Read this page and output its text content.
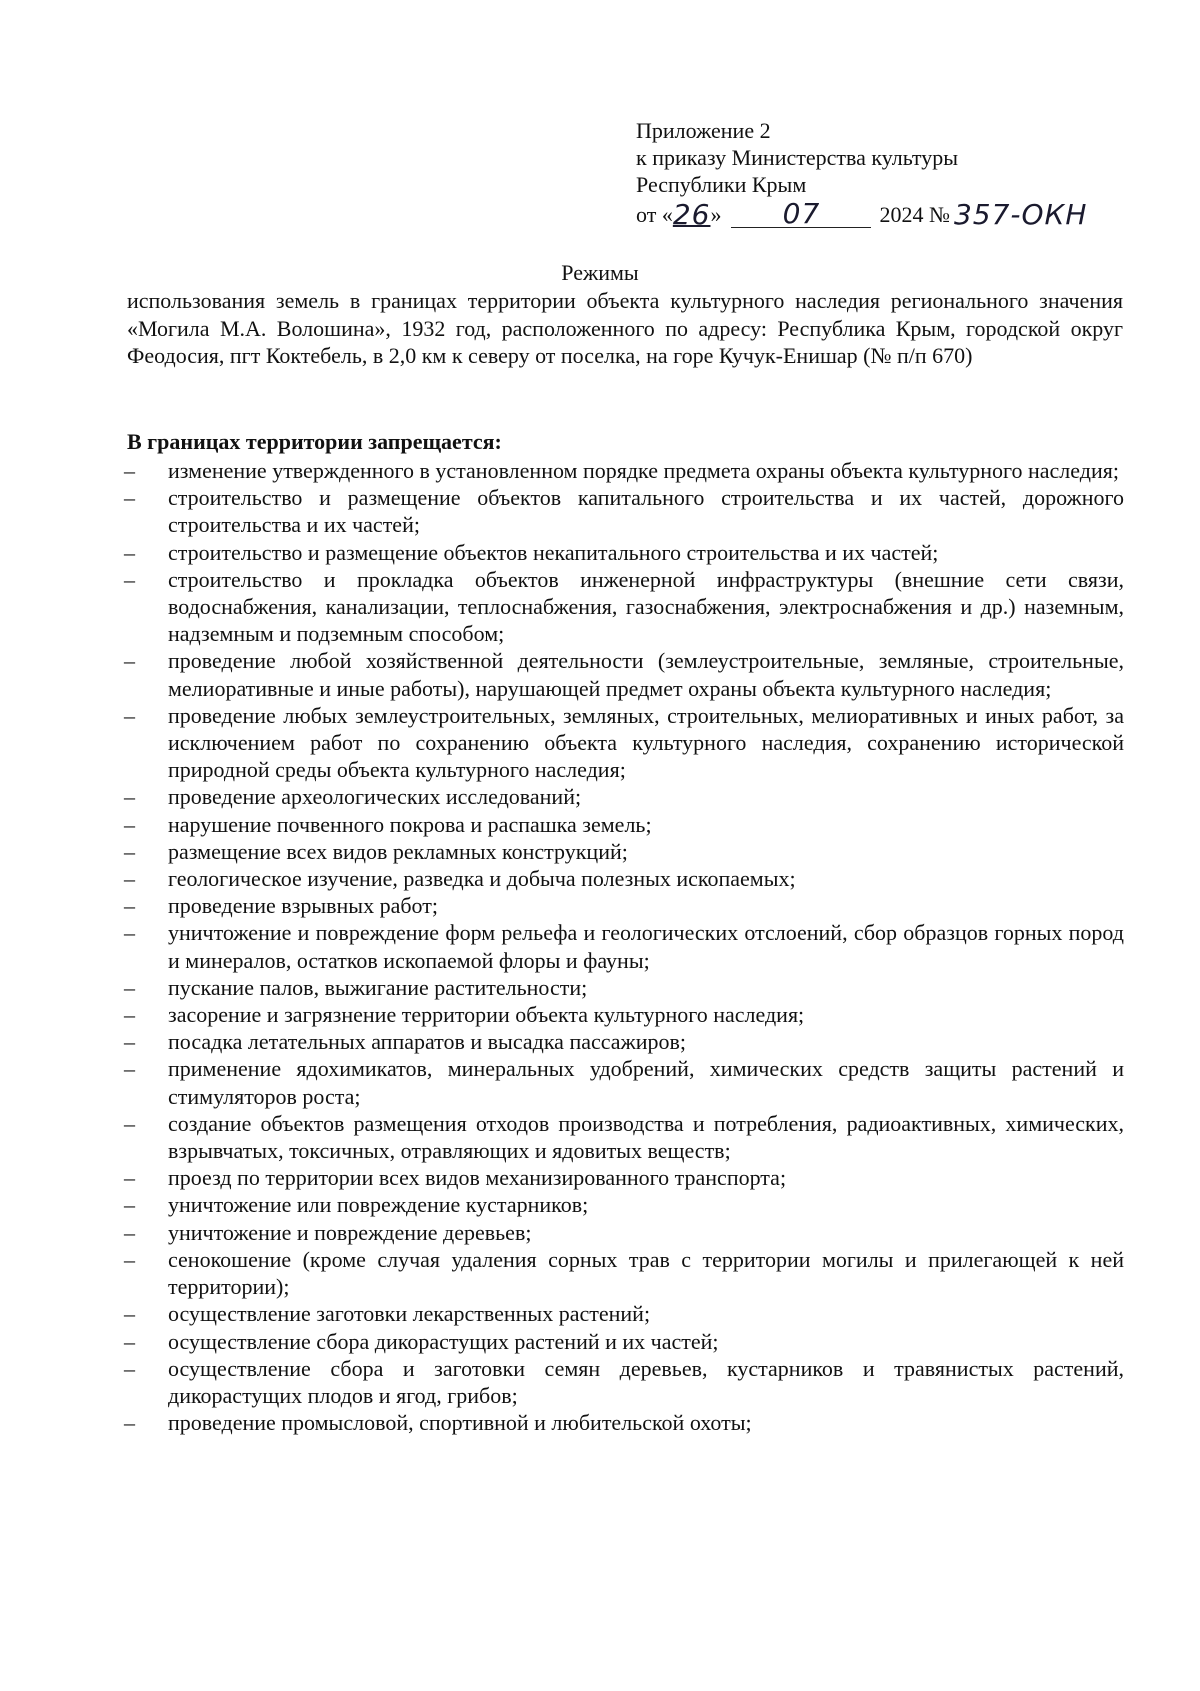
Приложение 2
к приказу Министерства культуры
Республики Крым
от « 26 »	07	2024 № 357-ОКН
Режимы
использования земель в границах территории объекта культурного наследия регионального значения «Могила М.А. Волошина», 1932 год, расположенного по адресу: Республика Крым, городской округ Феодосия, пгт Коктебель, в 2,0 км к северу от поселка, на горе Кучук-Енишар (№ п/п 670)
В границах территории запрещается:
–	изменение утвержденного в установленном порядке предмета охраны объекта культурного наследия;
–	строительство и размещение объектов капитального строительства и их частей, дорожного строительства и их частей;
–	строительство и размещение объектов некапитального строительства и их частей;
–	строительство и прокладка объектов инженерной инфраструктуры (внешние сети связи, водоснабжения, канализации, теплоснабжения, газоснабжения, электроснабжения и др.) наземным, надземным и подземным способом;
–	проведение любой хозяйственной деятельности (землеустроительные, земляные, строительные, мелиоративные и иные работы), нарушающей предмет охраны объекта культурного наследия;
–	проведение любых землеустроительных, земляных, строительных, мелиоративных и иных работ, за исключением работ по сохранению объекта культурного наследия, сохранению исторической природной среды объекта культурного наследия;
–	проведение археологических исследований;
–	нарушение почвенного покрова и распашка земель;
–	размещение всех видов рекламных конструкций;
–	геологическое изучение, разведка и добыча полезных ископаемых;
–	проведение взрывных работ;
–	уничтожение и повреждение форм рельефа и геологических отслоений, сбор образцов горных пород и минералов, остатков ископаемой флоры и фауны;
–	пускание палов, выжигание растительности;
–	засорение и загрязнение территории объекта культурного наследия;
–	посадка летательных аппаратов и высадка пассажиров;
–	применение ядохимикатов, минеральных удобрений, химических средств защиты растений и стимуляторов роста;
–	создание объектов размещения отходов производства и потребления, радиоактивных, химических, взрывчатых, токсичных, отравляющих и ядовитых веществ;
–	проезд по территории всех видов механизированного транспорта;
–	уничтожение или повреждение кустарников;
–	уничтожение и повреждение деревьев;
–	сенокошение (кроме случая удаления сорных трав с территории могилы и прилегающей к ней территории);
–	осуществление заготовки лекарственных растений;
–	осуществление сбора дикорастущих растений и их частей;
–	осуществление сбора и заготовки семян деревьев, кустарников и травянистых растений, дикорастущих плодов и ягод, грибов;
–	проведение промысловой, спортивной и любительской охоты;
